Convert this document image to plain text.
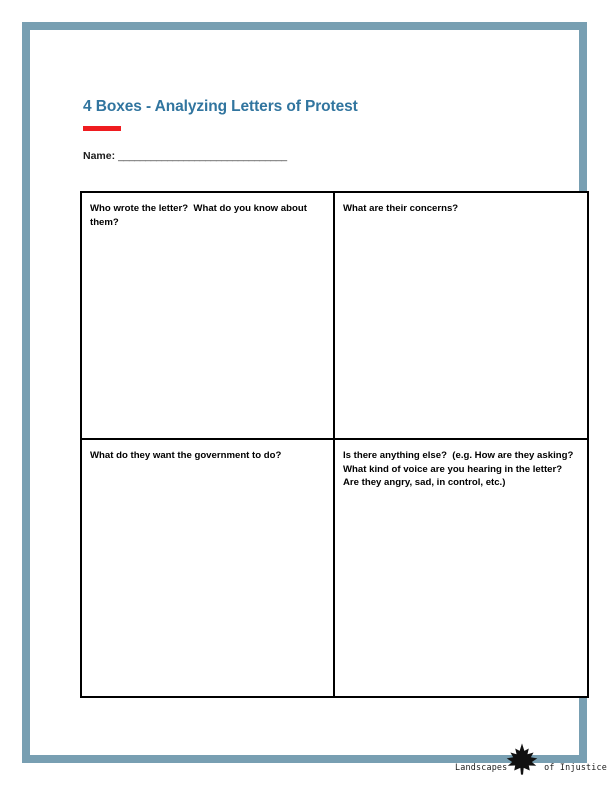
4 Boxes - Analyzing Letters of Protest
Name: _______________________________
Who wrote the letter?  What do you know about them?
What are their concerns?
What do they want the government to do?	Is there anything else?  (e.g. How are they asking?  What kind of voice are you hearing in the letter?  Are they angry, sad, in control, etc.)
Landscapes	of Injustice
